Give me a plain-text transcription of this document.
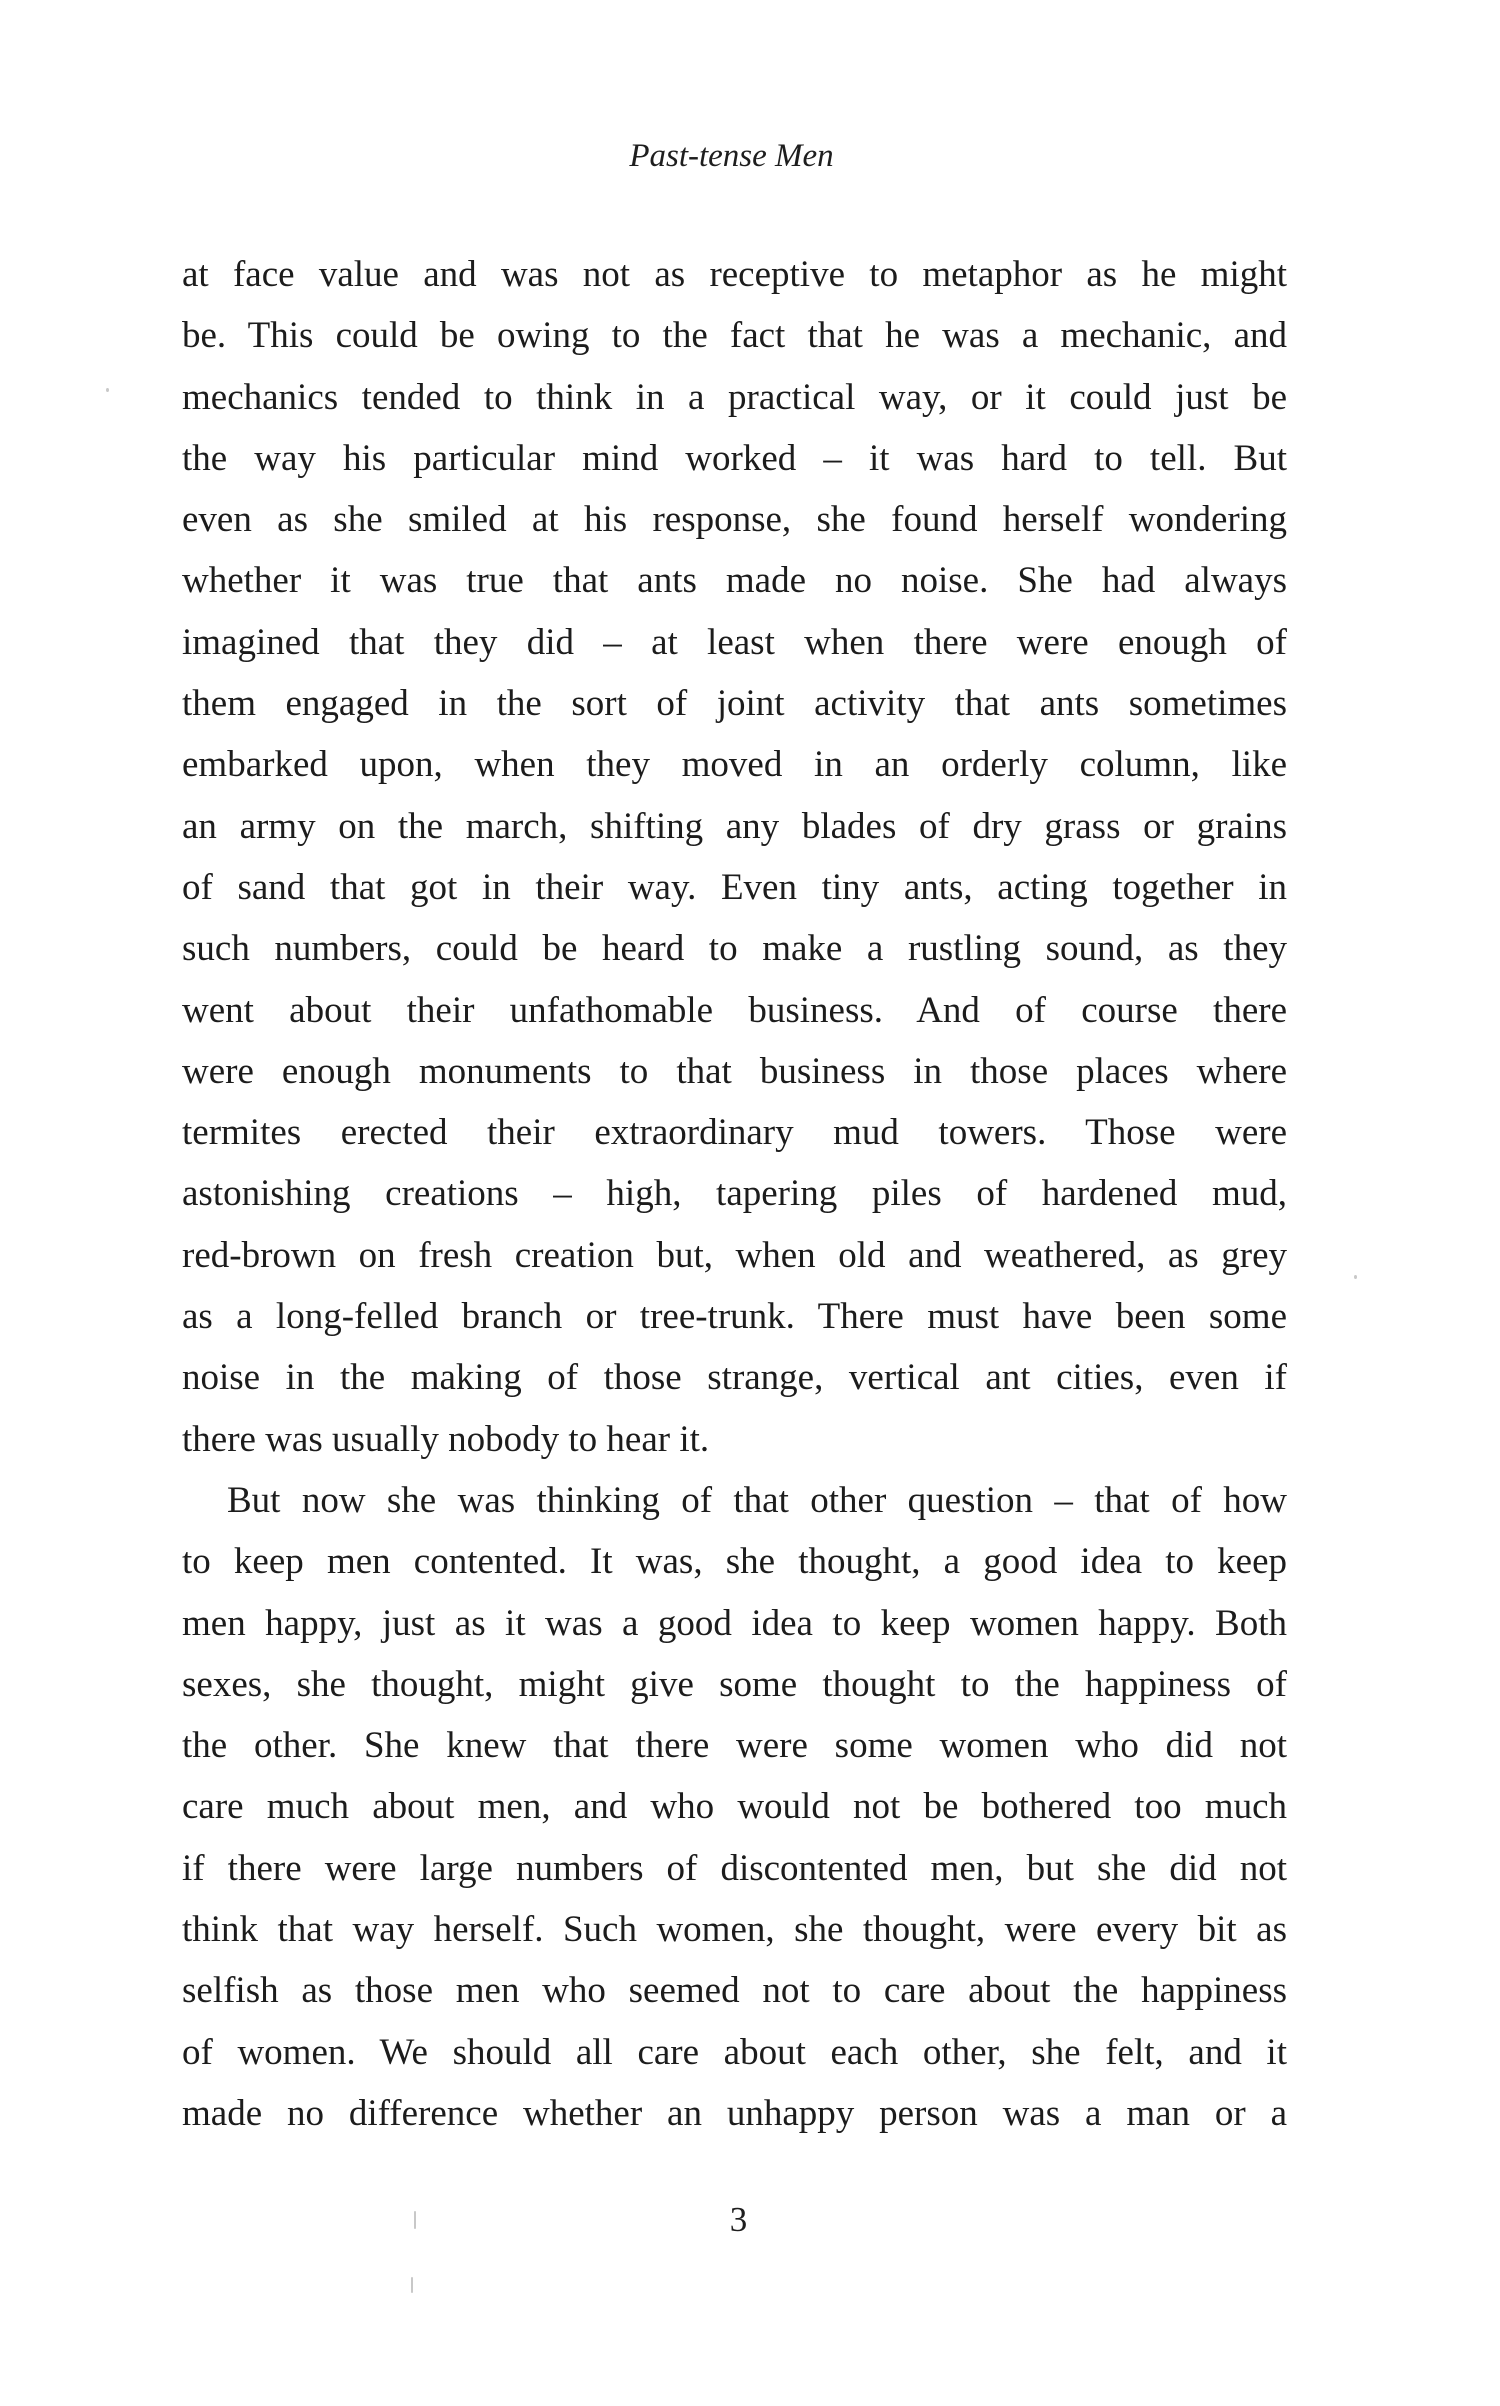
Past-tense Men
at face value and was not as receptive to metaphor as he might
be. This could be owing to the fact that he was a mechanic, and
mechanics tended to think in a practical way, or it could just be
the way his particular mind worked – it was hard to tell. But
even as she smiled at his response, she found herself wondering
whether it was true that ants made no noise. She had always
imagined that they did – at least when there were enough of
them engaged in the sort of joint activity that ants sometimes
embarked upon, when they moved in an orderly column, like
an army on the march, shifting any blades of dry grass or grains
of sand that got in their way. Even tiny ants, acting together in
such numbers, could be heard to make a rustling sound, as they
went about their unfathomable business. And of course there
were enough monuments to that business in those places where
termites erected their extraordinary mud towers. Those were
astonishing creations – high, tapering piles of hardened mud,
red-brown on fresh creation but, when old and weathered, as grey
as a long-felled branch or tree-trunk. There must have been some
noise in the making of those strange, vertical ant cities, even if
there was usually nobody to hear it.
But now she was thinking of that other question – that of how
to keep men contented. It was, she thought, a good idea to keep
men happy, just as it was a good idea to keep women happy. Both
sexes, she thought, might give some thought to the happiness of
the other. She knew that there were some women who did not
care much about men, and who would not be bothered too much
if there were large numbers of discontented men, but she did not
think that way herself. Such women, she thought, were every bit as
selfish as those men who seemed not to care about the happiness
of women. We should all care about each other, she felt, and it
made no difference whether an unhappy person was a man or a
3
